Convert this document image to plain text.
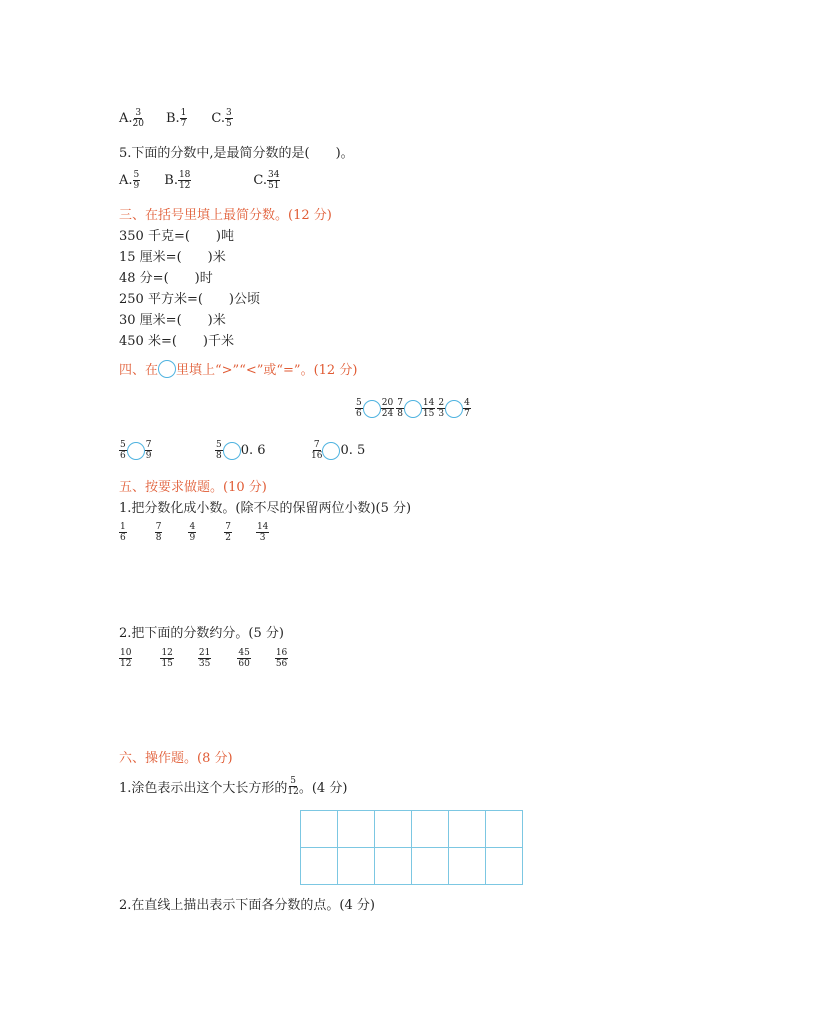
A. $\frac{3}{20} B$. $\frac{1}{7} C$. $\frac{3}{5}$
5.下面的分数中,是最简分数的是(　　)。
A. $\frac{5}{9} B$. $\frac{18}{12}$	C. $\frac{34}{51}$
三、在括号里填上最简分数。(12 分)
350 千克=(　　)吨
15 厘米=(　　)米
48 分=(　　)时
250 平方米=(　　)公顷
30 厘米=(　　)米
450 米=(　　)千米
四、在 里填上“>”“<”或“=”。(12 分)
$\frac{5}{6} \frac{20}{24} \frac{7}{8} \frac{14}{15} \frac{2}{3} \frac{4}{7}$
$\frac{5}{6} \frac{7}{9}$	$\frac{5}{8} 0$. 6	$\frac{7}{16} 0$. 5
五、按要求做题。(10 分)
1.把分数化成小数。(除不尽的保留两位小数)(5 分)
$\frac{1}{6}$	$\frac{7}{8}$	$\frac{4}{9}$	$\frac{7}{2}$	$\frac{14}{3}$
2.把下面的分数约分。(5 分)
$\frac{10}{12}$	$\frac{12}{15}$	$\frac{21}{35}$	$\frac{45}{60}$	$\frac{16}{56}$
六、操作题。(8 分)
1.涂色表示出这个大长方形的 $\frac{5}{12}$ 。(4 分)

2.在直线上描出表示下面各分数的点。(4 分)
